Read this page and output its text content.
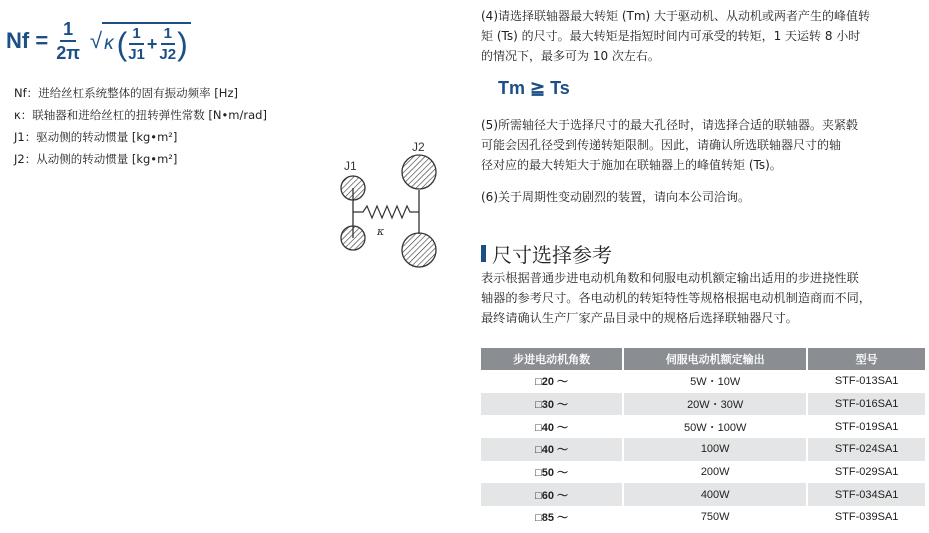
$Nf = \frac{1}{2\pi}$ √ κ ( $\frac{1}{J1} + \frac{1}{J2}$ )
Nf：进给丝杠系统整体的固有振动频率 [Hz]
κ：联轴器和进给丝杠的扭转弹性常数 [N•m/rad]
J1：驱动侧的转动惯量 [kg•m²]
J2：从动侧的转动惯量 [kg•m²]	J1
J2
κ
(4)请选择联轴器最大转矩 (Tm) 大于驱动机、从动机或两者产生的峰值转
矩 (Ts) 的尺寸。最大转矩是指短时间内可承受的转矩，1 天运转 8 小时
的情况下，最多可为 10 次左右。
Tm ≧ Ts
(5)所需轴径大于选择尺寸的最大孔径时，请选择合适的联轴器。夹紧毂
可能会因孔径受到传递转矩限制。因此，请确认所选联轴器尺寸的轴
径对应的最大转矩大于施加在联轴器上的峰值转矩 (Ts)。
(6)关于周期性变动剧烈的装置，请向本公司洽询。
尺寸选择参考
表示根据普通步进电动机角数和伺服电动机额定输出适用的步进挠性联
轴器的参考尺寸。各电动机的转矩特性等规格根据电动机制造商而不同，
最终请确认生产厂家产品目录中的规格后选择联轴器尺寸。
步进电动机角数	伺服电动机额定输出	型号
□20 ～	5W・10W	STF-013SA1
□30 ～	20W・30W	STF-016SA1
□40 ～	50W・100W	STF-019SA1
□40 ～	100W	STF-024SA1
□50 ～	200W	STF-029SA1
□60 ～	400W	STF-034SA1
□85 ～	750W	STF-039SA1
